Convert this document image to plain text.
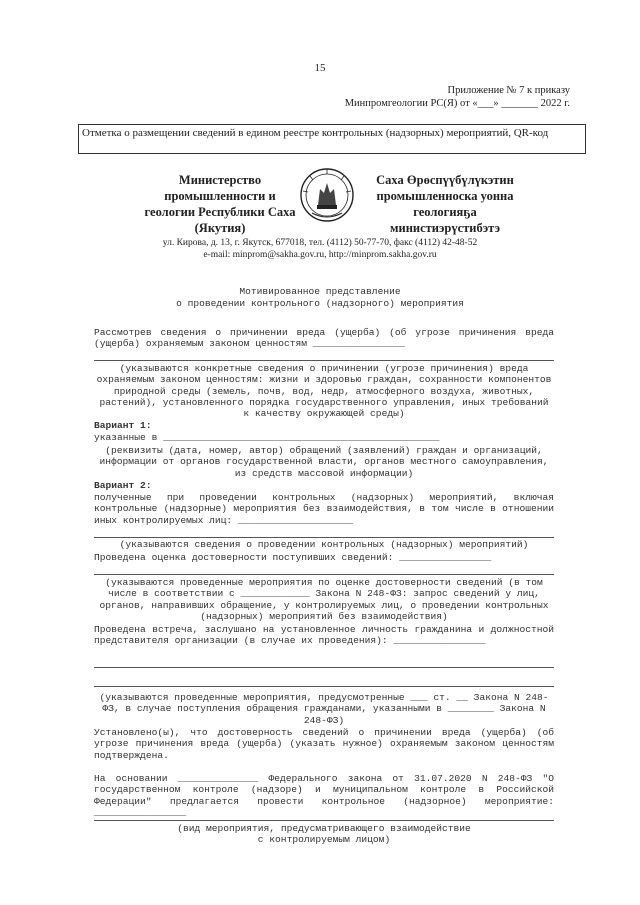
15
Приложение № 7 к приказу
Минпромгеологии РС(Я) от «___» _______ 2022 г.
Отметка о размещении сведений в едином реестре контрольных (надзорных) мероприятий, QR-код
Министерство промышленности и геологии Республики Саха (Якутия)
Саха Өрөспүүбүлүкэтин промышленноска уонна геологияҕа министиэрүстибэтэ
ул. Кирова, д. 13, г. Якутск, 677018, тел. (4112) 50-77-70, факс (4112) 42-48-52
e-mail: minprom@sakha.gov.ru, http://minprom.sakha.gov.ru
Мотивированное представление
о проведении контрольного (надзорного) мероприятия
Рассмотрев сведения о причинении вреда (ущерба) (об угрозе причинения вреда (ущерба) охраняемым законом ценностям ________________
(указываются конкретные сведения о причинении (угрозе причинения) вреда охраняемым законом ценностям: жизни и здоровью граждан, сохранности компонентов природной среды (земель, почв, вод, недр, атмосферного воздуха, животных, растений), установленного порядка государственного управления, иных требований к качеству окружающей среды)
Вариант 1:
указанные в ________________________________________________
(реквизиты (дата, номер, автор) обращений (заявлений) граждан и организаций, информации от органов государственной власти, органов местного самоуправления, из средств массовой информации)
Вариант 2:
полученные при проведении контрольных (надзорных) мероприятий, включая контрольные (надзорные) мероприятия без взаимодействия, в том числе в отношении иных контролируемых лиц: ____________________
(указываются сведения о проведении контрольных (надзорных) мероприятий)
Проведена оценка достоверности поступивших сведений: ________________
(указываются проведенные мероприятия по оценке достоверности сведений (в том числе в соответствии с ____________ Закона N 248-ФЗ: запрос сведений у лиц, органов, направивших обращение, у контролируемых лиц, о проведении контрольных (надзорных) мероприятий без взаимодействия)
Проведена встреча, заслушано на установленное личность гражданина и должностной представителя организации (в случае их проведения): ________________
(указываются проведенные мероприятия, предусмотренные ___ ст. __ Закона N 248-ФЗ, в случае поступления обращения гражданами, указанными в ________ Закона N 248-ФЗ)
Установлено(ы), что достоверность сведений о причинении вреда (ущерба) (об угрозе причинения вреда (ущерба) (указать нужное) охраняемым законом ценностям подтверждена.
На основании ______________ Федерального закона от 31.07.2020 N 248-ФЗ "О государственном контроле (надзоре) и муниципальном контроле в Российской Федерации" предлагается провести контрольное (надзорное) мероприятие: ________________
(вид мероприятия, предусматривающего взаимодействие
с контролируемым лицом)
